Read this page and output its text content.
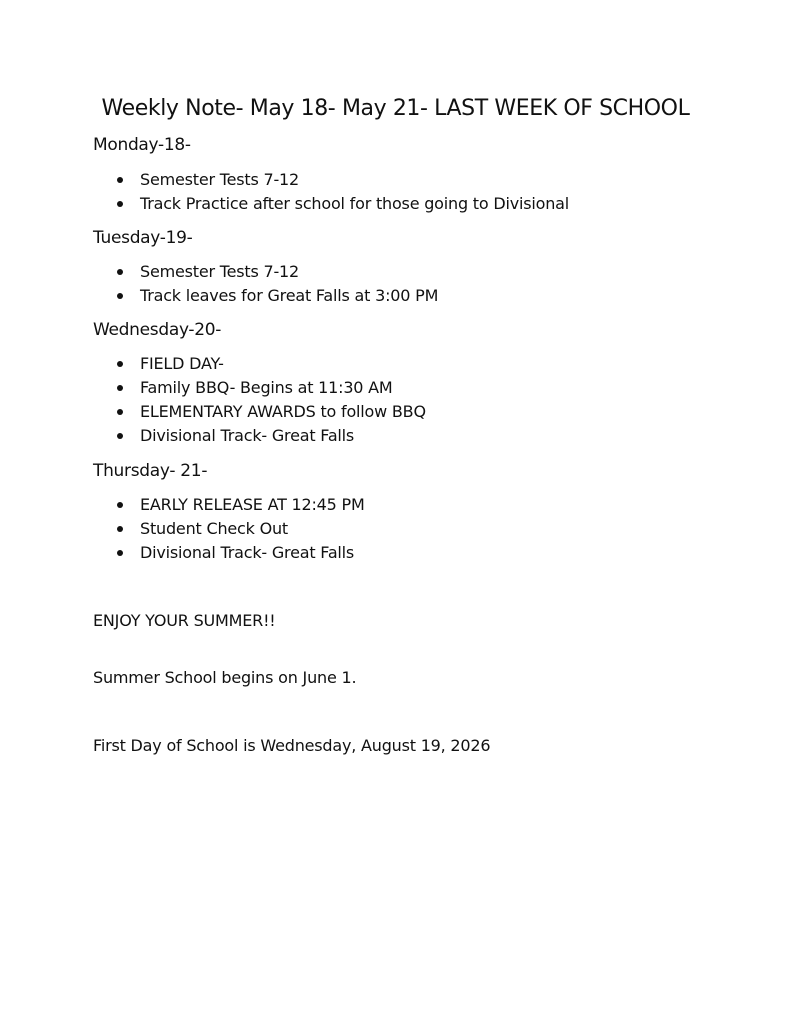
Weekly Note- May 18- May 21- LAST WEEK OF SCHOOL
Monday-18-
Semester Tests 7-12
Track Practice after school for those going to Divisional
Tuesday-19-
Semester Tests 7-12
Track leaves for Great Falls at 3:00 PM
Wednesday-20-
FIELD DAY-
Family BBQ- Begins at 11:30 AM
ELEMENTARY AWARDS to follow BBQ
Divisional Track- Great Falls
Thursday- 21-
EARLY RELEASE AT 12:45 PM
Student Check Out
Divisional Track- Great Falls

ENJOY YOUR SUMMER!!

Summer School begins on June 1.

First Day of School is Wednesday, August 19, 2026
